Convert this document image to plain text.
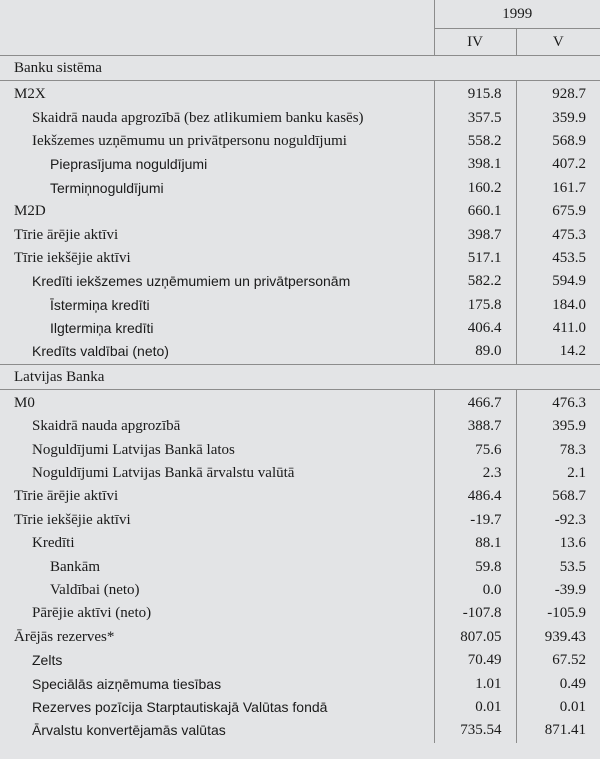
	1999	
	IV	V
Banku sistēma		
M2X	915.8	928.7
Skaidrā nauda apgrozībā (bez atlikumiem banku kasēs)	357.5	359.9
Iekšzemes uzņēmumu un privātpersonu noguldījumi	558.2	568.9
Pieprasījuma noguldījumi	398.1	407.2
Termiņnoguldījumi	160.2	161.7
M2D	660.1	675.9
Tīrie ārējie aktīvi	398.7	475.3
Tīrie iekšējie aktīvi	517.1	453.5
Kredīti iekšzemes uzņēmumiem un privātpersonām	582.2	594.9
Īstermiņa kredīti	175.8	184.0
Ilgtermiņa kredīti	406.4	411.0
Kredīts valdībai (neto)	89.0	14.2
Latvijas Banka		
M0	466.7	476.3
Skaidrā nauda apgrozībā	388.7	395.9
Noguldījumi Latvijas Bankā latos	75.6	78.3
Noguldījumi Latvijas Bankā ārvalstu valūtā	2.3	2.1
Tīrie ārējie aktīvi	486.4	568.7
Tīrie iekšējie aktīvi	-19.7	-92.3
Kredīti	88.1	13.6
Bankām	59.8	53.5
Valdībai (neto)	0.0	-39.9
Pārējie aktīvi (neto)	-107.8	-105.9
Ārējās rezerves*	807.05	939.43
Zelts	70.49	67.52
Speciālās aizņēmuma tiesības	1.01	0.49
Rezerves pozīcija Starptautiskajā Valūtas fondā	0.01	0.01
Ārvalstu konvertējamās valūtas	735.54	871.41
